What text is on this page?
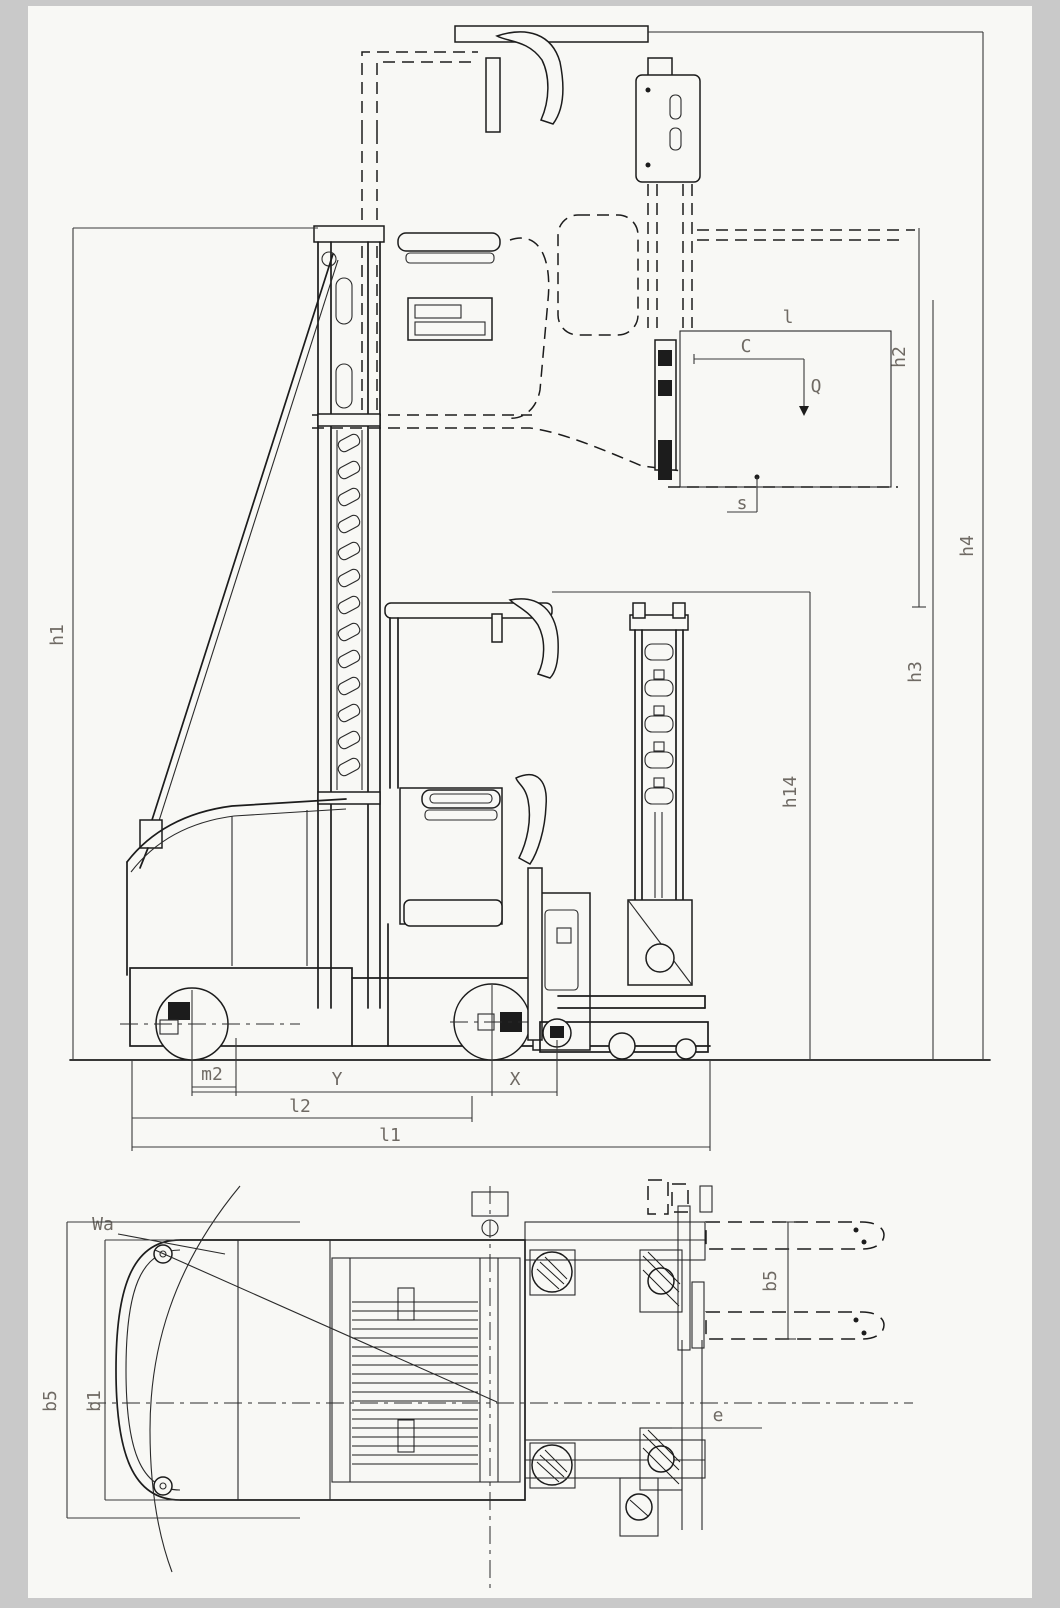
l
C
Q
s
h1
h2
h3
h4
h14
m2	Y	X
l2
l1
Wa
b5 b1
b5
e
